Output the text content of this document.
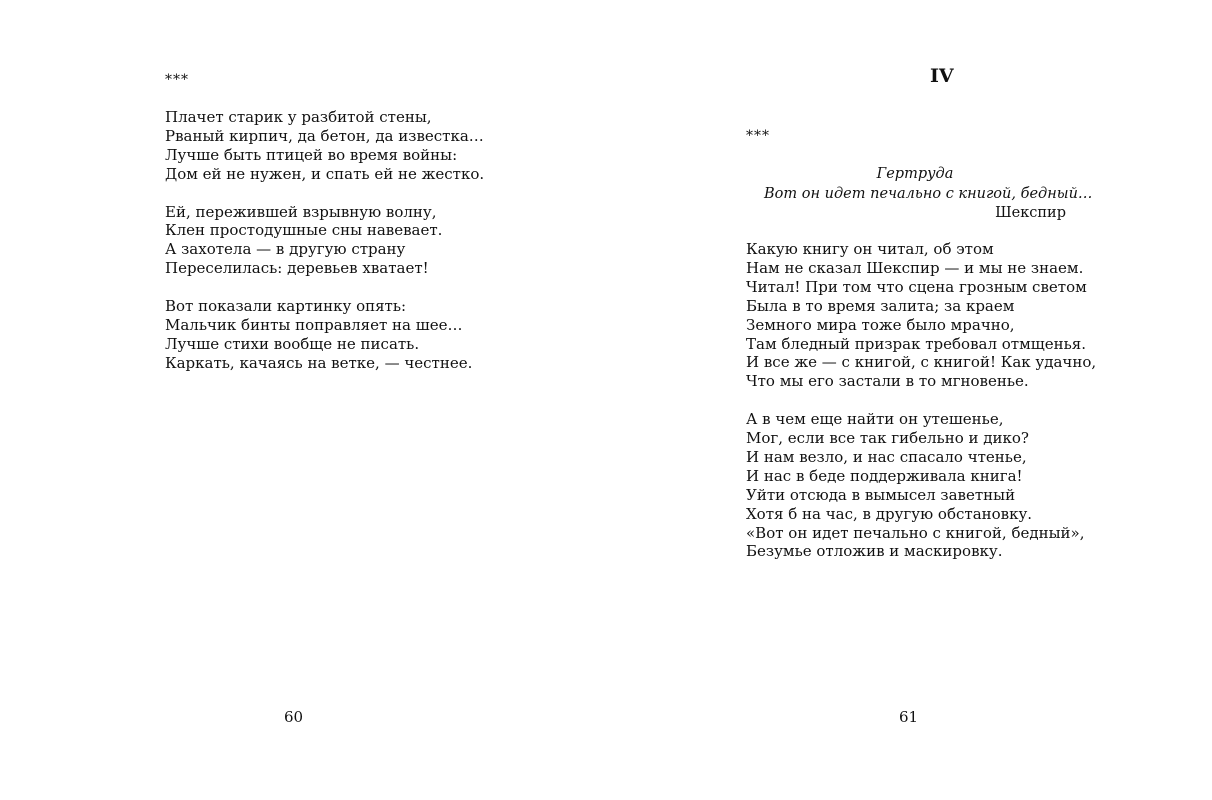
***
Плачет старик у разбитой стены,
Рваный кирпич, да бетон, да известка…
Лучше быть птицей во время войны:
Дом ей не нужен, и спать ей не жестко.
Ей, пережившей взрывную волну,
Клен простодушные сны навевает.
А захотела — в другую страну
Переселилась: деревьев хватает!
Вот показали картинку опять:
Мальчик бинты поправляет на шее…
Лучше стихи вообще не писать.
Каркать, качаясь на ветке, — честнее.
60
IV
***
Гертруда
Вот он идет печально с книгой, бедный…
Шекспир
Какую книгу он читал, об этом
Нам не сказал Шекспир — и мы не знаем.
Читал! При том что сцена грозным светом
Была в то время залита; за краем
Земного мира тоже было мрачно,
Там бледный призрак требовал отмщенья.
И все же — с книгой, с книгой! Как удачно,
Что мы его застали в то мгновенье.
А в чем еще найти он утешенье,
Мог, если все так гибельно и дико?
И нам везло, и нас спасало чтенье,
И нас в беде поддерживала книга!
Уйти отсюда в вымысел заветный
Хотя б на час, в другую обстановку.
«Вот он идет печально с книгой, бедный»,
Безумье отложив и маскировку.
61
